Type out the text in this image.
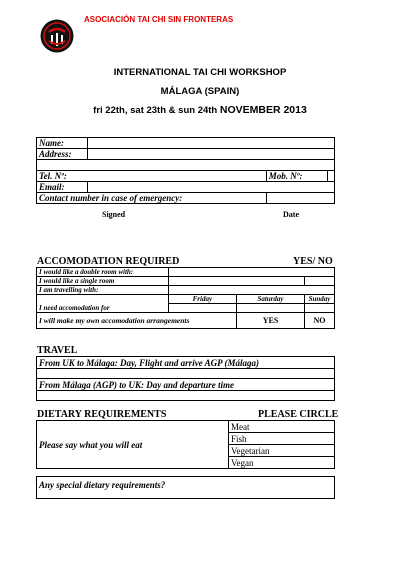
ASOCIACIÓN TAI CHI SIN FRONTERAS
INTERNATIONAL TAI CHI WORKSHOP
MÁLAGA (SPAIN)
fri 22th, sat 23th & sun 24th NOVEMBER 2013
Name:			
Address:			

Tel. Nº:		Mob. Nº:	
Email:			
Contact number in case of emergency:			
Signed	Date
ACCOMODATION REQUIRED	YES/ NO
I would like a double room with:			
I would like a single room			
I am travelling with:			
	Friday	Saturday	Sunday
I need accomodation for			
I will make my own accomodation arrangements		YES	NO
TRAVEL
From UK to Málaga: Day, Flight and arrive AGP (Málaga)

From Málaga (AGP) to UK: Day and departure time

DIETARY REQUIREMENTS	PLEASE CIRCLE
Please say what you will eat	Meat
Fish
Vegetarian
Vegan
Any special dietary requirements?
